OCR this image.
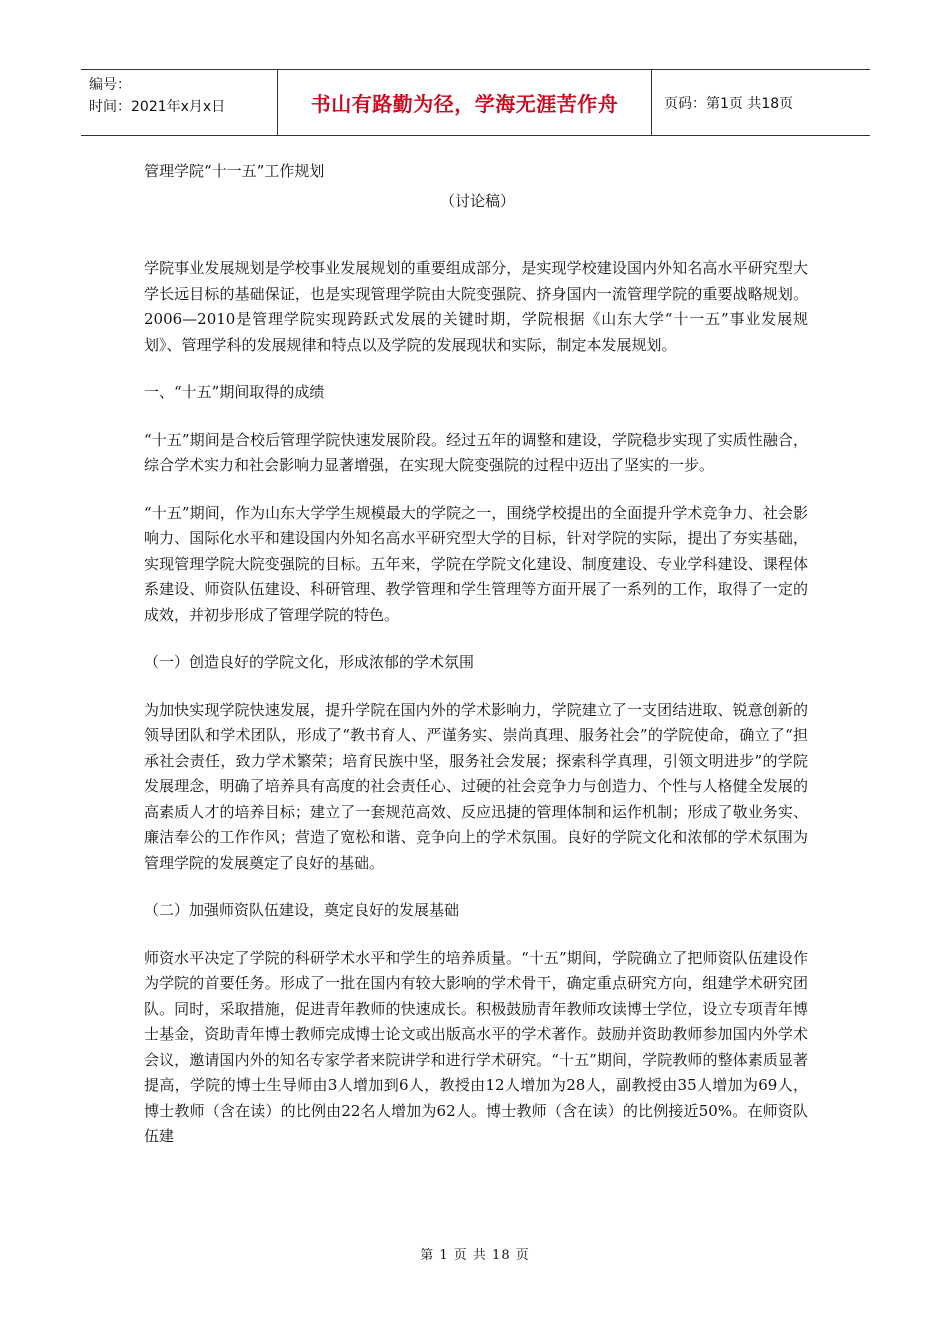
编号：
时间：2021年x月x日	书山有路勤为径，学海无涯苦作舟	页码：第1页 共18页

管理学院“十一五”工作规划

（讨论稿）

学院事业发展规划是学校事业发展规划的重要组成部分，是实现学校建设国内外知名高水平研究型大学长远目标的基础保证，也是实现管理学院由大院变强院、挤身国内一流管理学院的重要战略规划。2006—2010是管理学院实现跨跃式发展的关键时期，学院根据《山东大学“十一五”事业发展规划》、管理学科的发展规律和特点以及学院的发展现状和实际，制定本发展规划。

一、“十五”期间取得的成绩

“十五”期间是合校后管理学院快速发展阶段。经过五年的调整和建设，学院稳步实现了实质性融合，综合学术实力和社会影响力显著增强，在实现大院变强院的过程中迈出了坚实的一步。

“十五”期间，作为山东大学学生规模最大的学院之一，围绕学校提出的全面提升学术竞争力、社会影响力、国际化水平和建设国内外知名高水平研究型大学的目标，针对学院的实际，提出了夯实基础，实现管理学院大院变强院的目标。五年来，学院在学院文化建设、制度建设、专业学科建设、课程体系建设、师资队伍建设、科研管理、教学管理和学生管理等方面开展了一系列的工作，取得了一定的成效，并初步形成了管理学院的特色。

（一）创造良好的学院文化，形成浓郁的学术氛围

为加快实现学院快速发展，提升学院在国内外的学术影响力，学院建立了一支团结进取、锐意创新的领导团队和学术团队，形成了“教书育人、严谨务实、崇尚真理、服务社会”的学院使命，确立了“担承社会责任，致力学术繁荣；培育民族中坚，服务社会发展；探索科学真理，引领文明进步”的学院发展理念，明确了培养具有高度的社会责任心、过硬的社会竞争力与创造力、个性与人格健全发展的高素质人才的培养目标；建立了一套规范高效、反应迅捷的管理体制和运作机制；形成了敬业务实、廉洁奉公的工作作风；营造了宽松和谐、竞争向上的学术氛围。良好的学院文化和浓郁的学术氛围为管理学院的发展奠定了良好的基础。

（二）加强师资队伍建设，奠定良好的发展基础

师资水平决定了学院的科研学术水平和学生的培养质量。“十五”期间，学院确立了把师资队伍建设作为学院的首要任务。形成了一批在国内有较大影响的学术骨干，确定重点研究方向，组建学术研究团队。同时，采取措施，促进青年教师的快速成长。积极鼓励青年教师攻读博士学位，设立专项青年博士基金，资助青年博士教师完成博士论文或出版高水平的学术著作。鼓励并资助教师参加国内外学术会议，邀请国内外的知名专家学者来院讲学和进行学术研究。“十五”期间，学院教师的整体素质显著提高，学院的博士生导师由3人增加到6人，教授由12人增加为28人，副教授由35人增加为69人，博士教师（含在读）的比例由22名人增加为62人。博士教师（含在读）的比例接近50%。在师资队伍建

第 1 页 共 18 页
